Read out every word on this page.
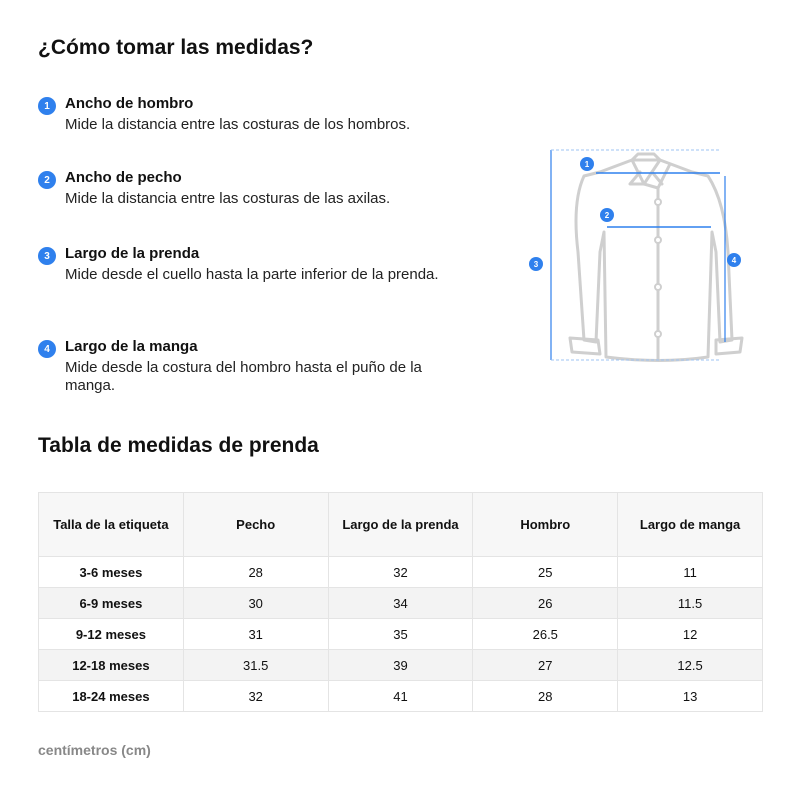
¿Cómo tomar las medidas?
1	Ancho de hombro
Mide la distancia entre las costuras de los hombros.
2	Ancho de pecho
Mide la distancia entre las costuras de las axilas.
3	Largo de la prenda
Mide desde el cuello hasta la parte inferior de la prenda.
4	Largo de la manga
Mide desde la costura del hombro hasta el puño de la manga.
1
2
3	4
Tabla de medidas de prenda
Talla de la etiqueta	Pecho	Largo de la prenda	Hombro	Largo de manga
3-6 meses	28	32	25	11
6-9 meses	30	34	26	11.5
9-12 meses	31	35	26.5	12
12-18 meses	31.5	39	27	12.5
18-24 meses	32	41	28	13
centímetros (cm)
